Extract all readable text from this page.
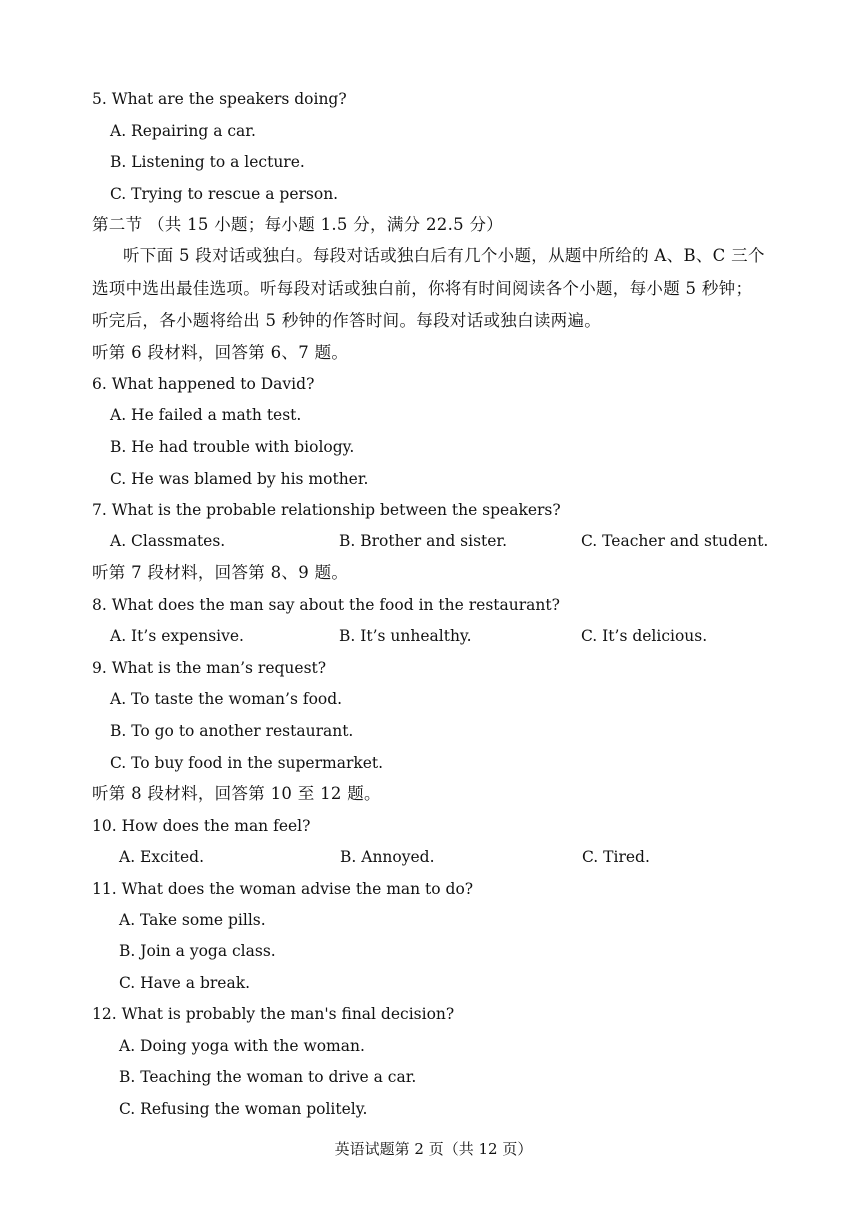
5. What are the speakers doing?
A. Repairing a car.
B. Listening to a lecture.
C. Trying to rescue a person.
第二节 （共 15 小题；每小题 1.5 分，满分 22.5 分）
听下面 5 段对话或独白。每段对话或独白后有几个小题，从题中所给的 A、B、C 三个
选项中选出最佳选项。听每段对话或独白前，你将有时间阅读各个小题，每小题 5 秒钟；
听完后，各小题将给出 5 秒钟的作答时间。每段对话或独白读两遍。
听第 6 段材料，回答第 6、7 题。
6. What happened to David?
A. He failed a math test.
B. He had trouble with biology.
C. He was blamed by his mother.
7. What is the probable relationship between the speakers?
A. Classmates.	B. Brother and sister.	C. Teacher and student.
听第 7 段材料，回答第 8、9 题。
8. What does the man say about the food in the restaurant?
A. It’s expensive.	B. It’s unhealthy.	C. It’s delicious.
9. What is the man’s request?
A. To taste the woman’s food.
B. To go to another restaurant.
C. To buy food in the supermarket.
听第 8 段材料，回答第 10 至 12 题。
10. How does the man feel?
A. Excited.	B. Annoyed.	C. Tired.
11. What does the woman advise the man to do?
A. Take some pills.
B. Join a yoga class.
C. Have a break.
12. What is probably the man's final decision?
A. Doing yoga with the woman.
B. Teaching the woman to drive a car.
C. Refusing the woman politely.
英语试题第 2 页（共 12 页）
